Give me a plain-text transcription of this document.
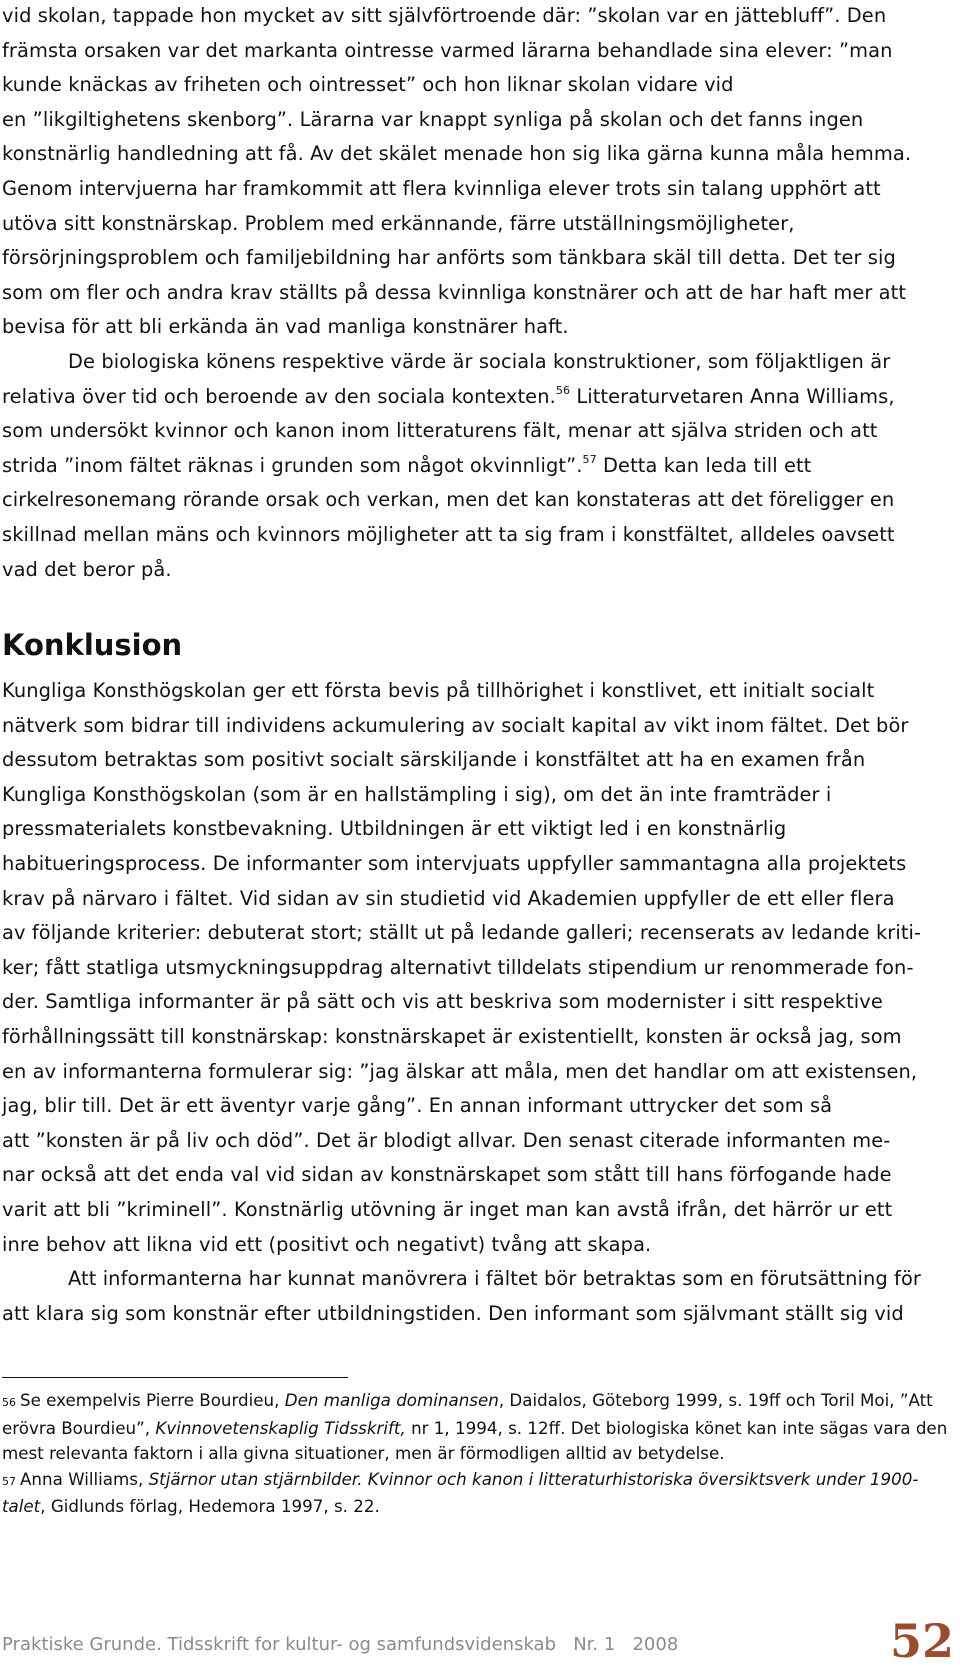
vid skolan, tappade hon mycket av sitt självförtroende där: ”skolan var en jättebluff”. Den
främsta orsaken var det markanta ointresse varmed lärarna behandlade sina elever: ”man
kunde knäckas av friheten och ointresset” och hon liknar skolan vidare vid
en ”likgiltighetens skenborg”. Lärarna var knappt synliga på skolan och det fanns ingen
konstnärlig handledning att få. Av det skälet menade hon sig lika gärna kunna måla hemma.
Genom intervjuerna har framkommit att flera kvinnliga elever trots sin talang upphört att
utöva sitt konstnärskap. Problem med erkännande, färre utställningsmöjligheter,
försörjningsproblem och familjebildning har anförts som tänkbara skäl till detta. Det ter sig
som om fler och andra krav ställts på dessa kvinnliga konstnärer och att de har haft mer att
bevisa för att bli erkända än vad manliga konstnärer haft.

De biologiska könens respektive värde är sociala konstruktioner, som följaktligen är
relativa över tid och beroende av den sociala kontexten.$^{56}$ Litteraturvetaren Anna Williams,
som undersökt kvinnor och kanon inom litteraturens fält, menar att själva striden och att
strida ”inom fältet räknas i grunden som något okvinnligt”.$^{57}$ Detta kan leda till ett
cirkelresonemang rörande orsak och verkan, men det kan konstateras att det föreligger en
skillnad mellan mäns och kvinnors möjligheter att ta sig fram i konstfältet, alldeles oavsett
vad det beror på.

Konklusion

Kungliga Konsthögskolan ger ett första bevis på tillhörighet i konstlivet, ett initialt socialt
nätverk som bidrar till individens ackumulering av socialt kapital av vikt inom fältet. Det bör
dessutom betraktas som positivt socialt särskiljande i konstfältet att ha en examen från
Kungliga Konsthögskolan (som är en hallstämpling i sig), om det än inte framträder i
pressmaterialets konstbevakning. Utbildningen är ett viktigt led i en konstnärlig
habitueringsprocess. De informanter som intervjuats uppfyller sammantagna alla projektets
krav på närvaro i fältet. Vid sidan av sin studietid vid Akademien uppfyller de ett eller flera
av följande kriterier: debuterat stort; ställt ut på ledande galleri; recenserats av ledande kriti-
ker; fått statliga utsmyckningsuppdrag alternativt tilldelats stipendium ur renommerade fon-
der. Samtliga informanter är på sätt och vis att beskriva som modernister i sitt respektive
förhållningssätt till konstnärskap: konstnärskapet är existentiellt, konsten är också jag, som
en av informanterna formulerar sig: ”jag älskar att måla, men det handlar om att existensen,
jag, blir till. Det är ett äventyr varje gång”. En annan informant uttrycker det som så
att ”konsten är på liv och död”. Det är blodigt allvar. Den senast citerade informanten me-
nar också att det enda val vid sidan av konstnärskapet som stått till hans förfogande hade
varit att bli ”kriminell”. Konstnärlig utövning är inget man kan avstå ifrån, det härrör ur ett
inre behov att likna vid ett (positivt och negativt) tvång att skapa.

Att informanterna har kunnat manövrera i fältet bör betraktas som en förutsättning för
att klara sig som konstnär efter utbildningstiden. Den informant som självmant ställt sig vid

56 Se exempelvis Pierre Bourdieu, Den manliga dominansen, Daidalos, Göteborg 1999, s. 19ff och Toril Moi, ”Att erövra Bourdieu”, Kvinnovetenskaplig Tidsskrift, nr 1, 1994, s. 12ff. Det biologiska könet kan inte sägas vara den mest relevanta faktorn i alla givna situationer, men är förmodligen alltid av betydelse.

57 Anna Williams, Stjärnor utan stjärnbilder. Kvinnor och kanon i litteraturhistoriska översiktsverk under 1900-talet, Gidlunds förlag, Hedemora 1997, s. 22.

Praktiske Grunde. Tidsskrift for kultur- og samfundsvidenskab Nr. 1 2008	52
